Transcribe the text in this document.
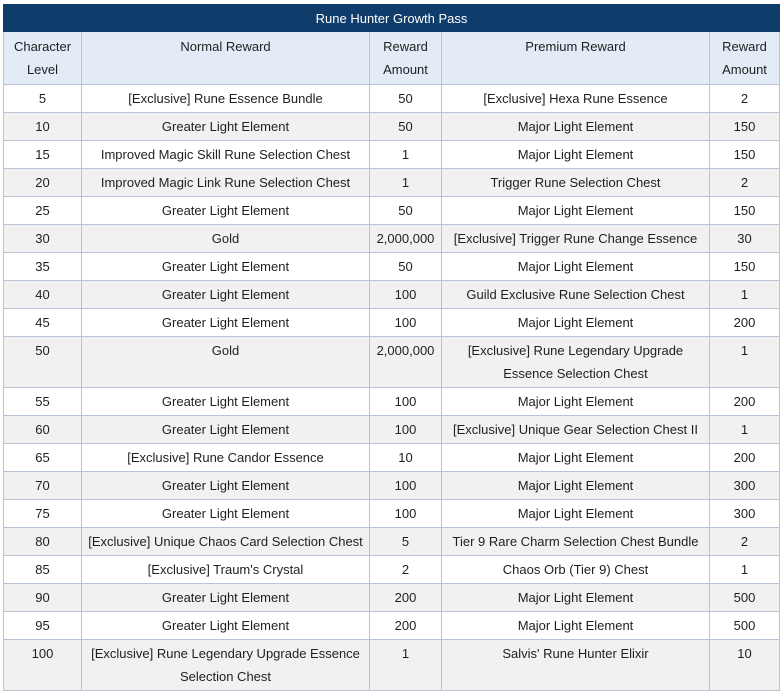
Rune Hunter Growth Pass				
Character Level	Normal Reward	Reward Amount	Premium Reward	Reward Amount
5	[Exclusive] Rune Essence Bundle	50	[Exclusive] Hexa Rune Essence	2
10	Greater Light Element	50	Major Light Element	150
15	Improved Magic Skill Rune Selection Chest	1	Major Light Element	150
20	Improved Magic Link Rune Selection Chest	1	Trigger Rune Selection Chest	2
25	Greater Light Element	50	Major Light Element	150
30	Gold	2,000,000	[Exclusive] Trigger Rune Change Essence	30
35	Greater Light Element	50	Major Light Element	150
40	Greater Light Element	100	Guild Exclusive Rune Selection Chest	1
45	Greater Light Element	100	Major Light Element	200
50	Gold	2,000,000	[Exclusive] Rune Legendary Upgrade Essence Selection Chest	1
55	Greater Light Element	100	Major Light Element	200
60	Greater Light Element	100	[Exclusive] Unique Gear Selection Chest II	1
65	[Exclusive] Rune Candor Essence	10	Major Light Element	200
70	Greater Light Element	100	Major Light Element	300
75	Greater Light Element	100	Major Light Element	300
80	[Exclusive] Unique Chaos Card Selection Chest	5	Tier 9 Rare Charm Selection Chest Bundle	2
85	[Exclusive] Traum's Crystal	2	Chaos Orb (Tier 9) Chest	1
90	Greater Light Element	200	Major Light Element	500
95	Greater Light Element	200	Major Light Element	500
100	[Exclusive] Rune Legendary Upgrade Essence Selection Chest	1	Salvis' Rune Hunter Elixir	10
